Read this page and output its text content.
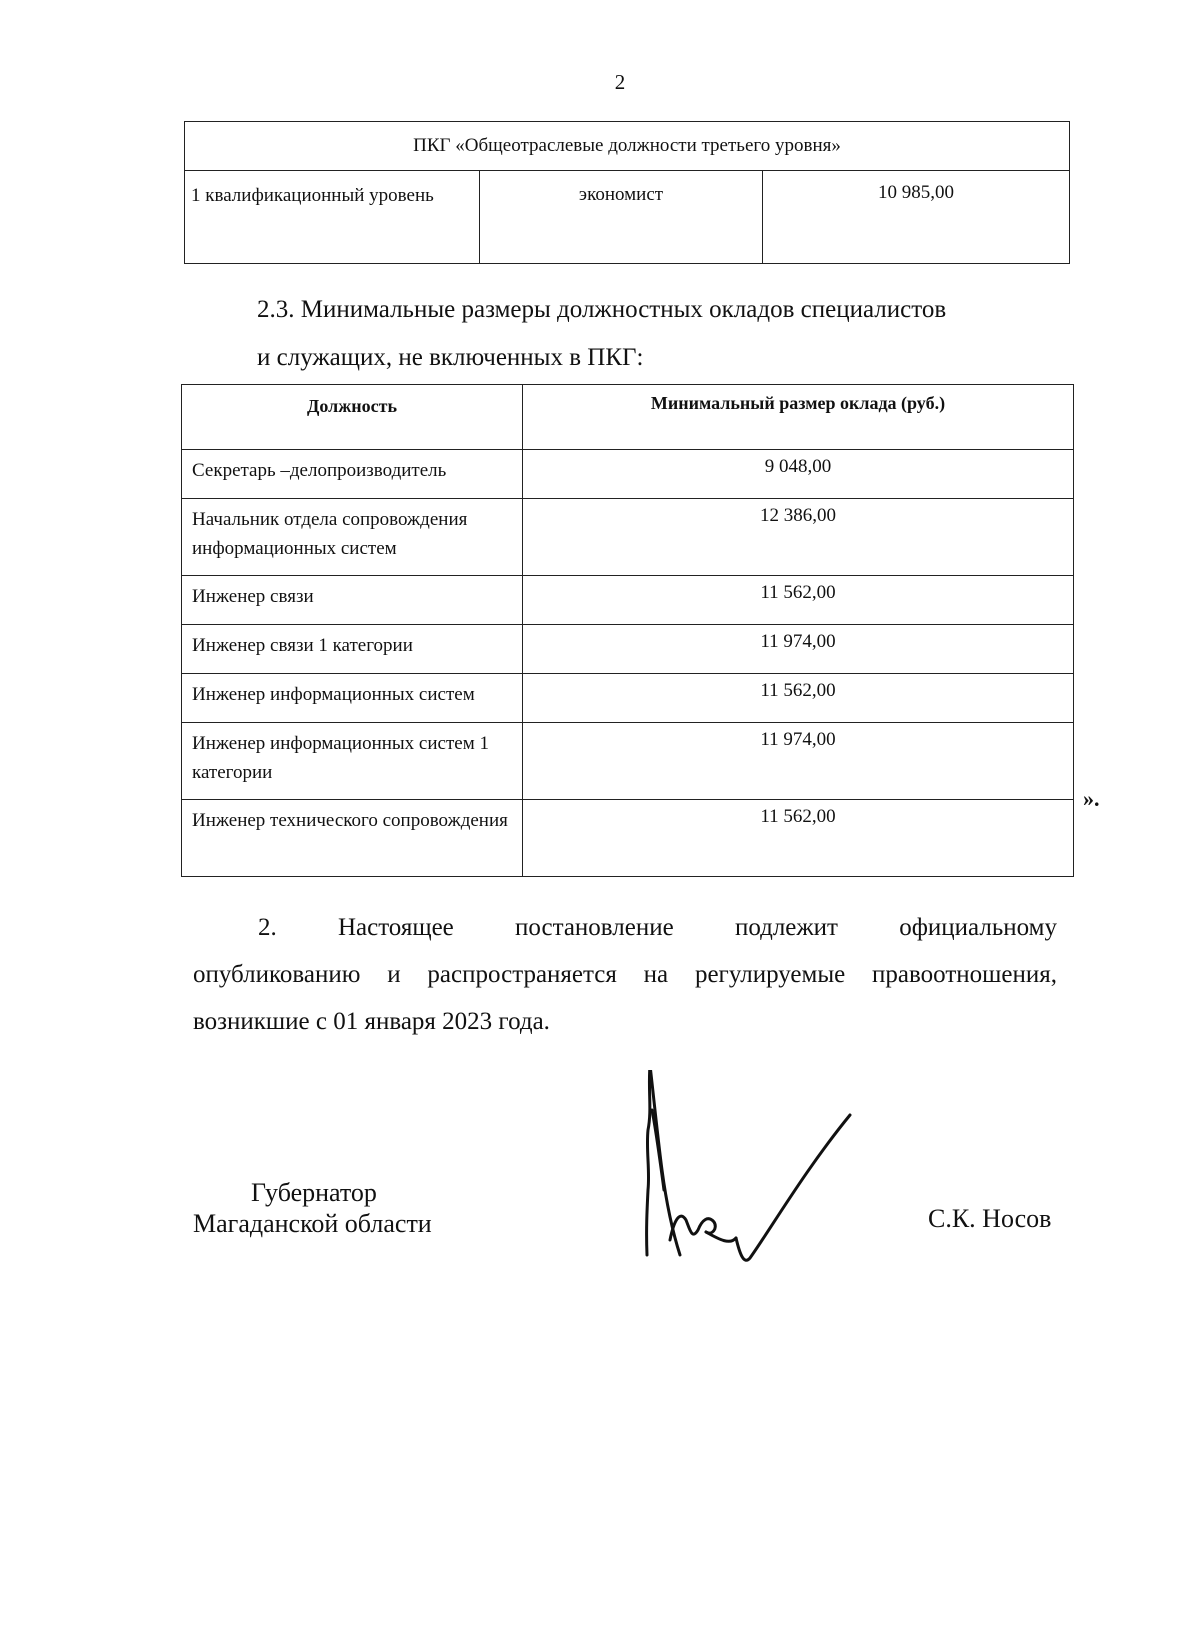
2
ПКГ «Общеотраслевые должности третьего уровня»
1 квалификационный уровень	экономист	10 985,00
2.3. Минимальные размеры должностных окладов специалистов
и служащих, не включенных в ПКГ:
Должность	Минимальный размер оклада (руб.)
Секретарь –делопроизводитель	9 048,00
Начальник отдела сопровождения информационных систем	12 386,00
Инженер связи	11 562,00
Инженер связи 1 категории	11 974,00
Инженер информационных систем	11 562,00
Инженер информационных систем 1 категории	11 974,00
Инженер технического сопровождения	11 562,00
».
2. Настоящее постановление подлежит официальному
опубликованию и распространяется на регулируемые правоотношения, возникшие с 01 января 2023 года.
Губернатор
Магаданской области	С.К. Носов
